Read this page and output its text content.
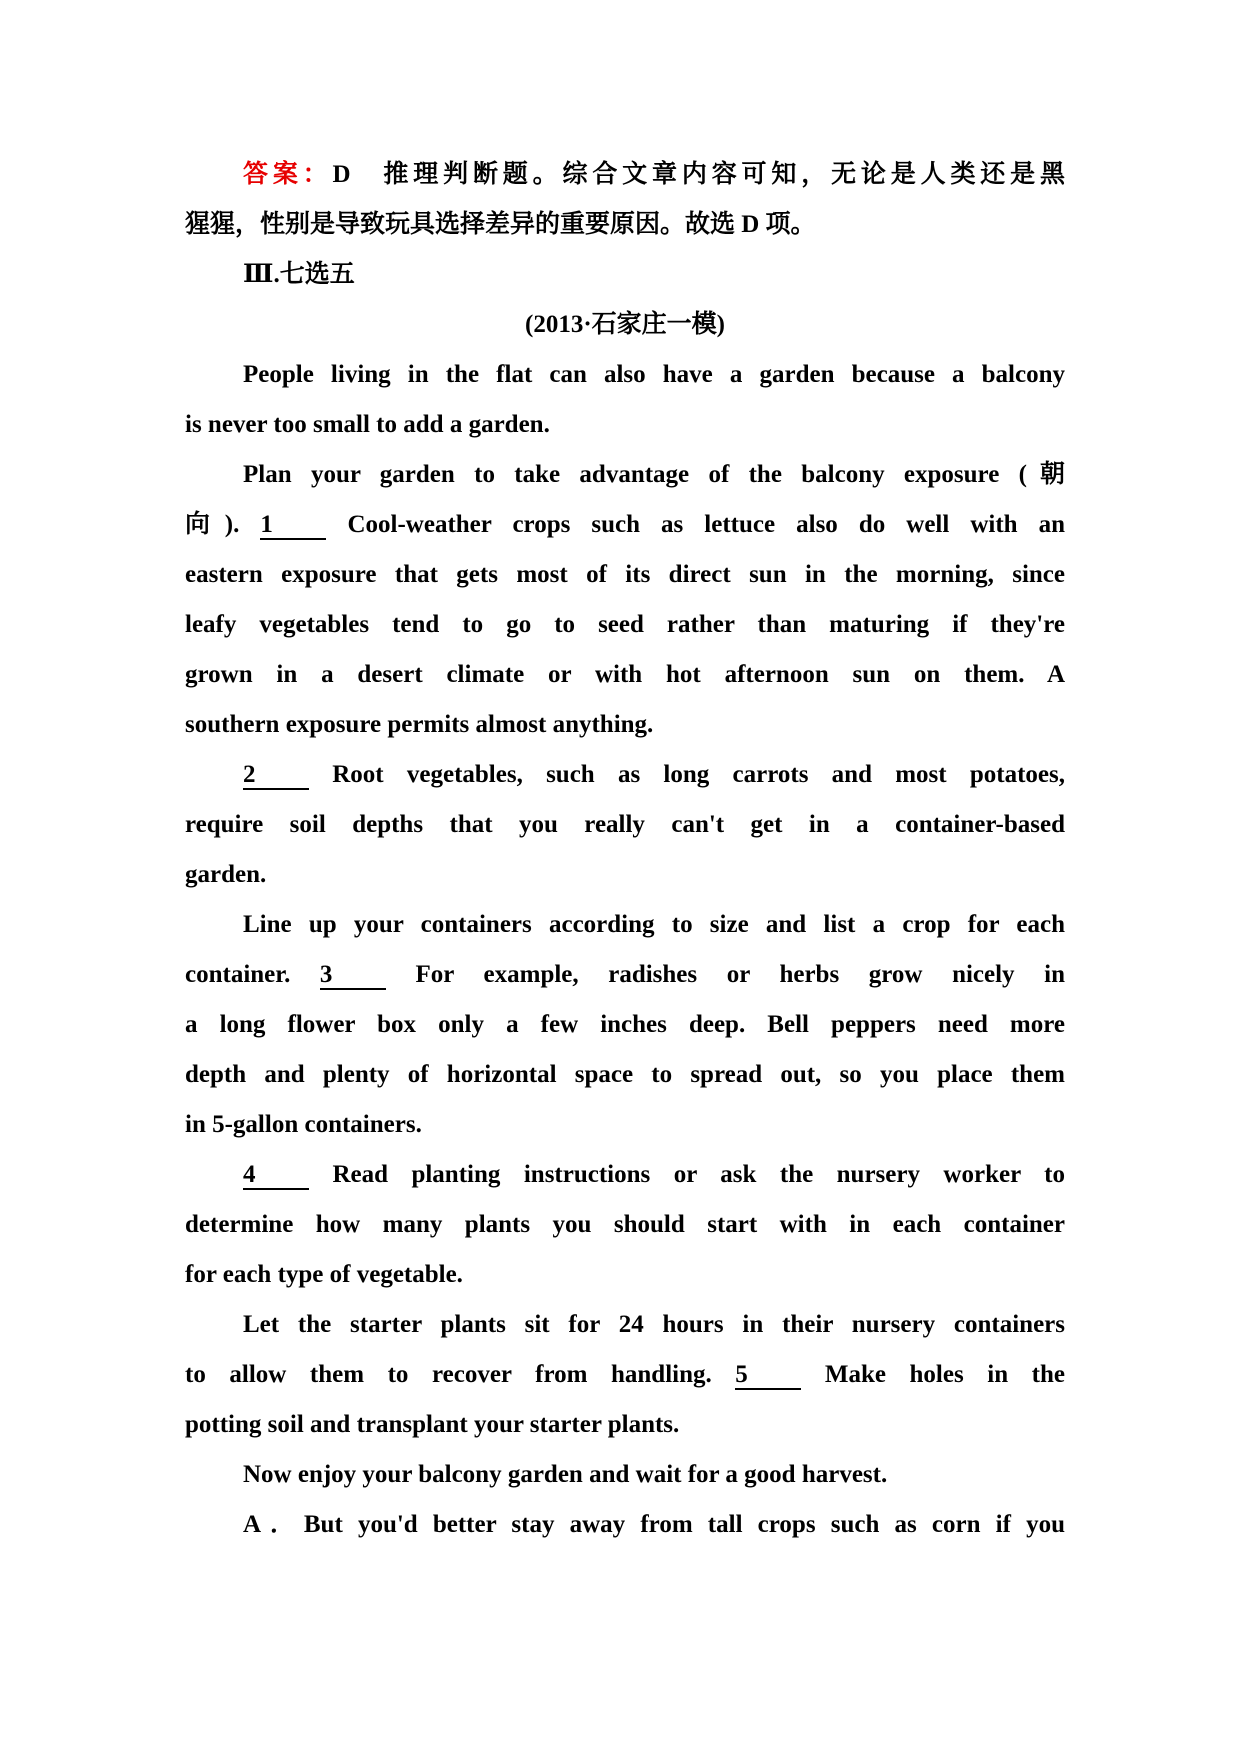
答案：D 推理判断题。综合文章内容可知，无论是人类还是黑
猩猩，性别是导致玩具选择差异的重要原因。故选 D 项。
Ⅲ.七选五
(2013·石家庄一模)
People living in the flat can also have a garden because a balcony
is never too small to add a garden.
Plan your garden to take advantage of the balcony exposure (朝
向). 1	Cool-weather crops such as lettuce also do well with an
eastern exposure that gets most of its direct sun in the morning, since
leafy vegetables tend to go to seed rather than maturing if they're
grown in a desert climate or with hot afternoon sun on them. A
southern exposure permits almost anything.
2	Root vegetables, such as long carrots and most potatoes,
require soil depths that you really can't get in a container-based
garden.
Line up your containers according to size and list a crop for each
container. 3	For example, radishes or herbs grow nicely in
a long flower box only a few inches deep. Bell peppers need more
depth and plenty of horizontal space to spread out, so you place them
in 5-gallon containers.
4	Read planting instructions or ask the nursery worker to
determine how many plants you should start with in each container
for each type of vegetable.
Let the starter plants sit for 24 hours in their nursery containers
to allow them to recover from handling. 5	Make holes in the
potting soil and transplant your starter plants.
Now enjoy your balcony garden and wait for a good harvest.
A．But you'd better stay away from tall crops such as corn if you
